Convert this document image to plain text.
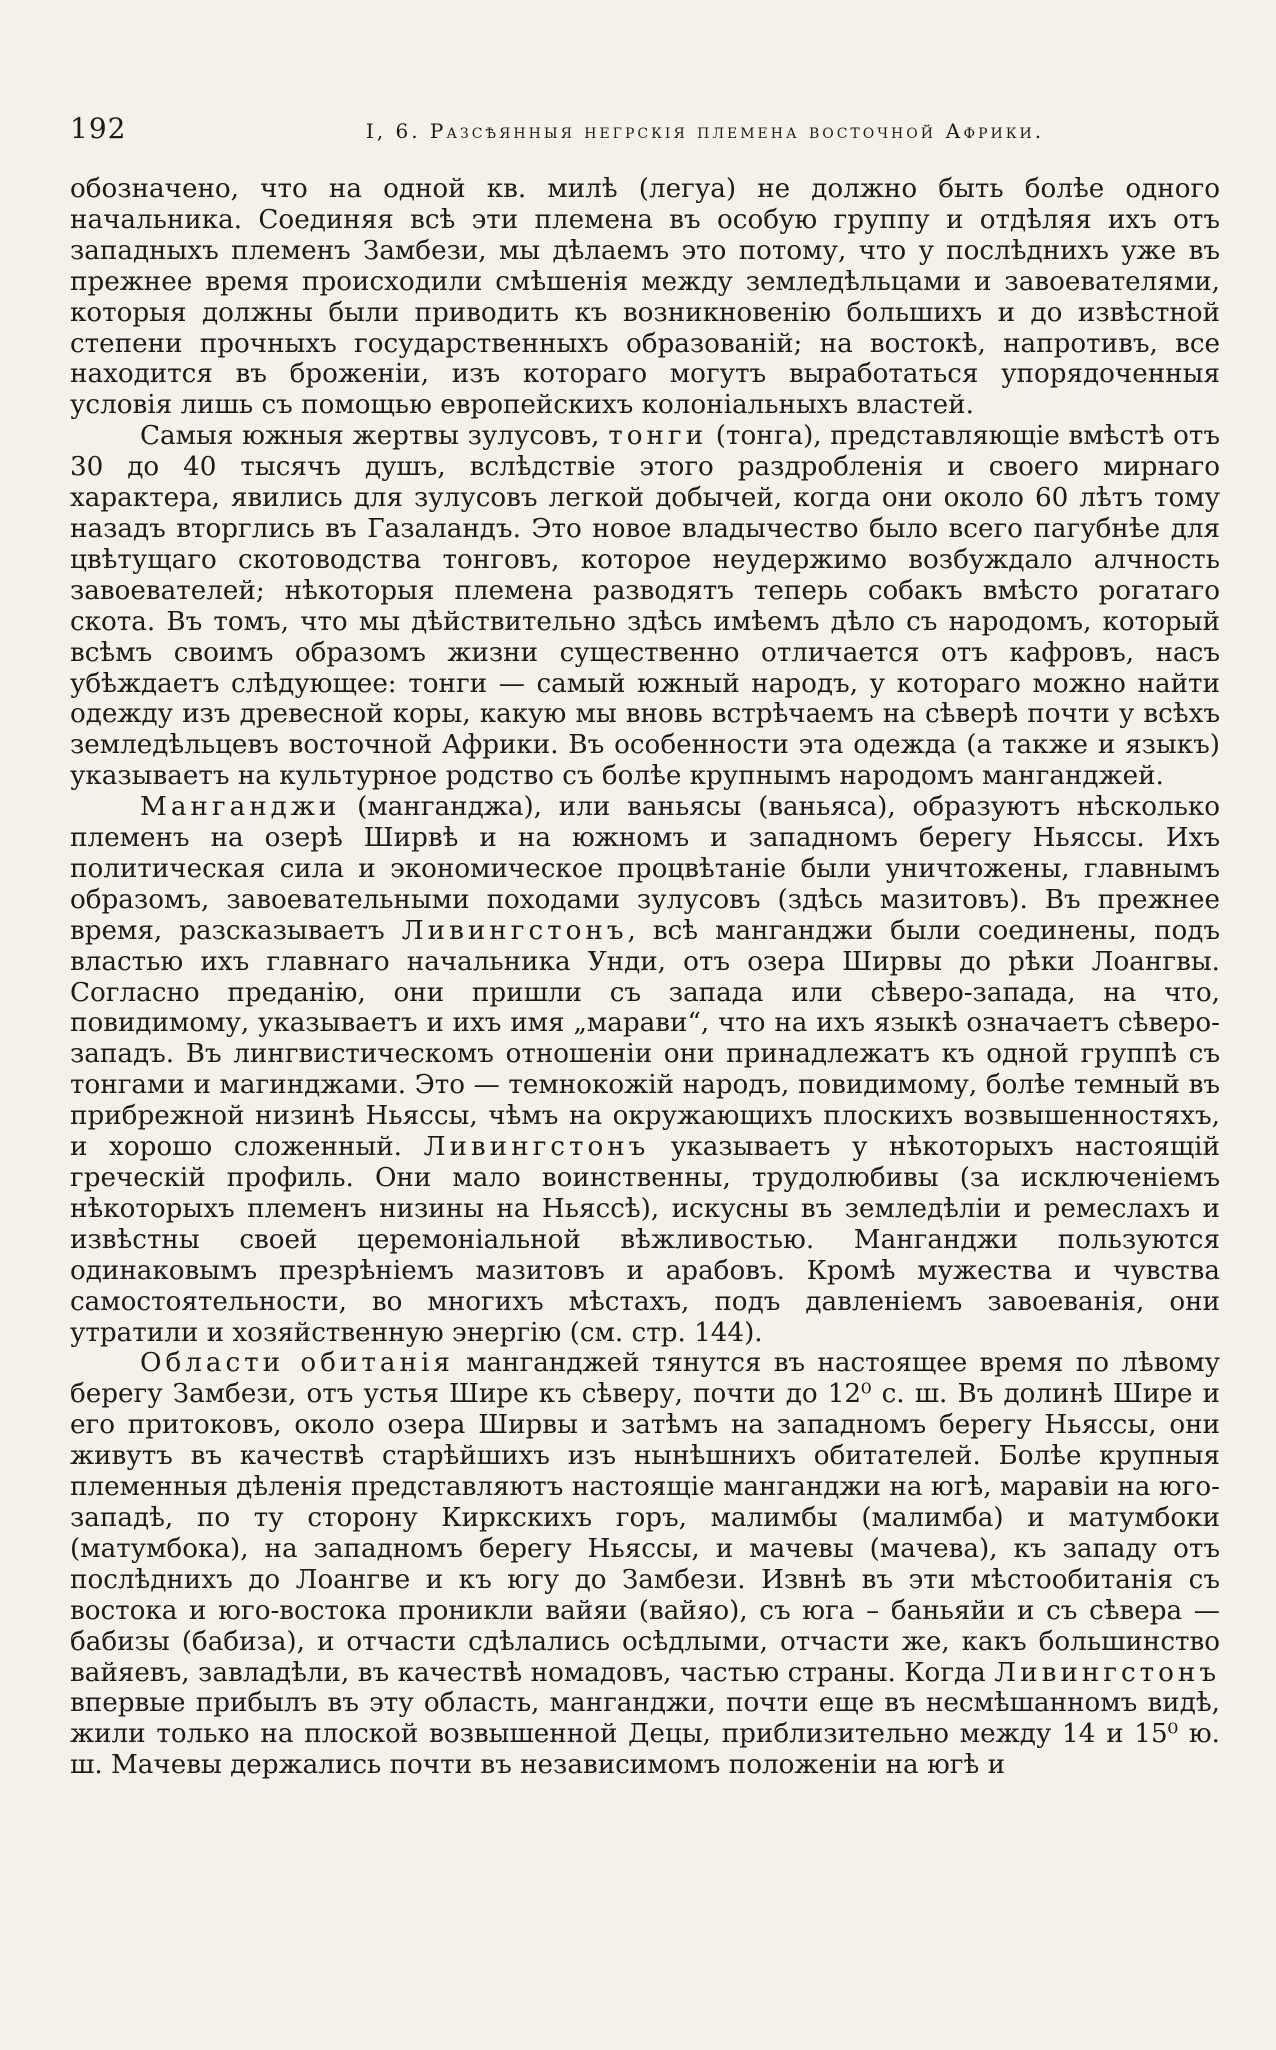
192	I, 6. Разсѣянныя негрскія племена восточной Африки.

обозначено, что на одной кв. милѣ (легуа) не должно быть болѣе одного начальника. Соединяя всѣ эти племена въ особую группу и отдѣляя ихъ отъ западныхъ племенъ Замбези, мы дѣлаемъ это потому, что у послѣднихъ уже въ прежнее время происходили смѣшенія между земледѣльцами и завоевателями, которыя должны были приводить къ возникновенію большихъ и до извѣстной степени прочныхъ государственныхъ образованій; на востокѣ, напротивъ, все находится въ броженіи, изъ котораго могутъ выработаться упорядоченныя условія лишь съ помощью европейскихъ колоніальныхъ властей.

Самыя южныя жертвы зулусовъ, тонги (тонга), представляющіе вмѣстѣ отъ 30 до 40 тысячъ душъ, вслѣдствіе этого раздробленія и своего мирнаго характера, явились для зулусовъ легкой добычей, когда они около 60 лѣтъ тому назадъ вторглись въ Газаландъ. Это новое владычество было всего пагубнѣе для цвѣтущаго скотоводства тонговъ, которое неудержимо возбуждало алчность завоевателей; нѣкоторыя племена разводятъ теперь собакъ вмѣсто рогатаго скота. Въ томъ, что мы дѣйствительно здѣсь имѣемъ дѣло съ народомъ, который всѣмъ своимъ образомъ жизни существенно отличается отъ кафровъ, насъ убѣждаетъ слѣдующее: тонги — самый южный народъ, у котораго можно найти одежду изъ древесной коры, какую мы вновь встрѣчаемъ на сѣверѣ почти у всѣхъ земледѣльцевъ восточной Африки. Въ особенности эта одежда (а также и языкъ) указываетъ на культурное родство съ болѣе крупнымъ народомъ манганджей.

Манганджи (манганджа), или ваньясы (ваньяса), образуютъ нѣсколько племенъ на озерѣ Ширвѣ и на южномъ и западномъ берегу Ньяссы. Ихъ политическая сила и экономическое процвѣтаніе были уничтожены, главнымъ образомъ, завоевательными походами зулусовъ (здѣсь мазитовъ). Въ прежнее время, разсказываетъ Ливингстонъ, всѣ манганджи были соединены, подъ властью ихъ главнаго начальника Унди, отъ озера Ширвы до рѣки Лоангвы. Согласно преданію, они пришли съ запада или сѣверо-запада, на что, повидимому, указываетъ и ихъ имя „марави“, что на ихъ языкѣ означаетъ сѣверо-западъ. Въ лингвистическомъ отношеніи они принадлежатъ къ одной группѣ съ тонгами и магинджами. Это — темнокожій народъ, повидимому, болѣе темный въ прибрежной низинѣ Ньяссы, чѣмъ на окружающихъ плоскихъ возвышенностяхъ, и хорошо сложенный. Ливингстонъ указываетъ у нѣкоторыхъ настоящій греческій профиль. Они мало воинственны, трудолюбивы (за исключеніемъ нѣкоторыхъ племенъ низины на Ньяссѣ), искусны въ земледѣліи и ремеслахъ и извѣстны своей церемоніальной вѣжливостью. Манганджи пользуются одинаковымъ презрѣніемъ мазитовъ и арабовъ. Кромѣ мужества и чувства самостоятельности, во многихъ мѣстахъ, подъ давленіемъ завоеванія, они утратили и хозяйственную энергію (см. стр. 144).

Области обитанія манганджей тянутся въ настоящее время по лѣвому берегу Замбези, отъ устья Шире къ сѣверу, почти до 12⁰ с. ш. Въ долинѣ Шире и его притоковъ, около озера Ширвы и затѣмъ на западномъ берегу Ньяссы, они живутъ въ качествѣ старѣйшихъ изъ нынѣшнихъ обитателей. Болѣе крупныя племенныя дѣленія представляютъ настоящіе манганджи на югѣ, маравіи на юго-западѣ, по ту сторону Киркскихъ горъ, малимбы (малимба) и матумбоки (матумбока), на западномъ берегу Ньяссы, и мачевы (мачева), къ западу отъ послѣднихъ до Лоангве и къ югу до Замбези. Извнѣ въ эти мѣстообитанія съ востока и юго-востока проникли вайяи (вайяо), съ юга – баньяйи и съ сѣвера — бабизы (бабиза), и отчасти сдѣлались осѣдлыми, отчасти же, какъ большинство вайяевъ, завладѣли, въ качествѣ номадовъ, частью страны. Когда Ливингстонъ впервые прибылъ въ эту область, манганджи, почти еще въ несмѣшанномъ видѣ, жили только на плоской возвышенной Децы, приблизительно между 14 и 15⁰ ю. ш. Мачевы держались почти въ независимомъ положеніи на югѣ и
